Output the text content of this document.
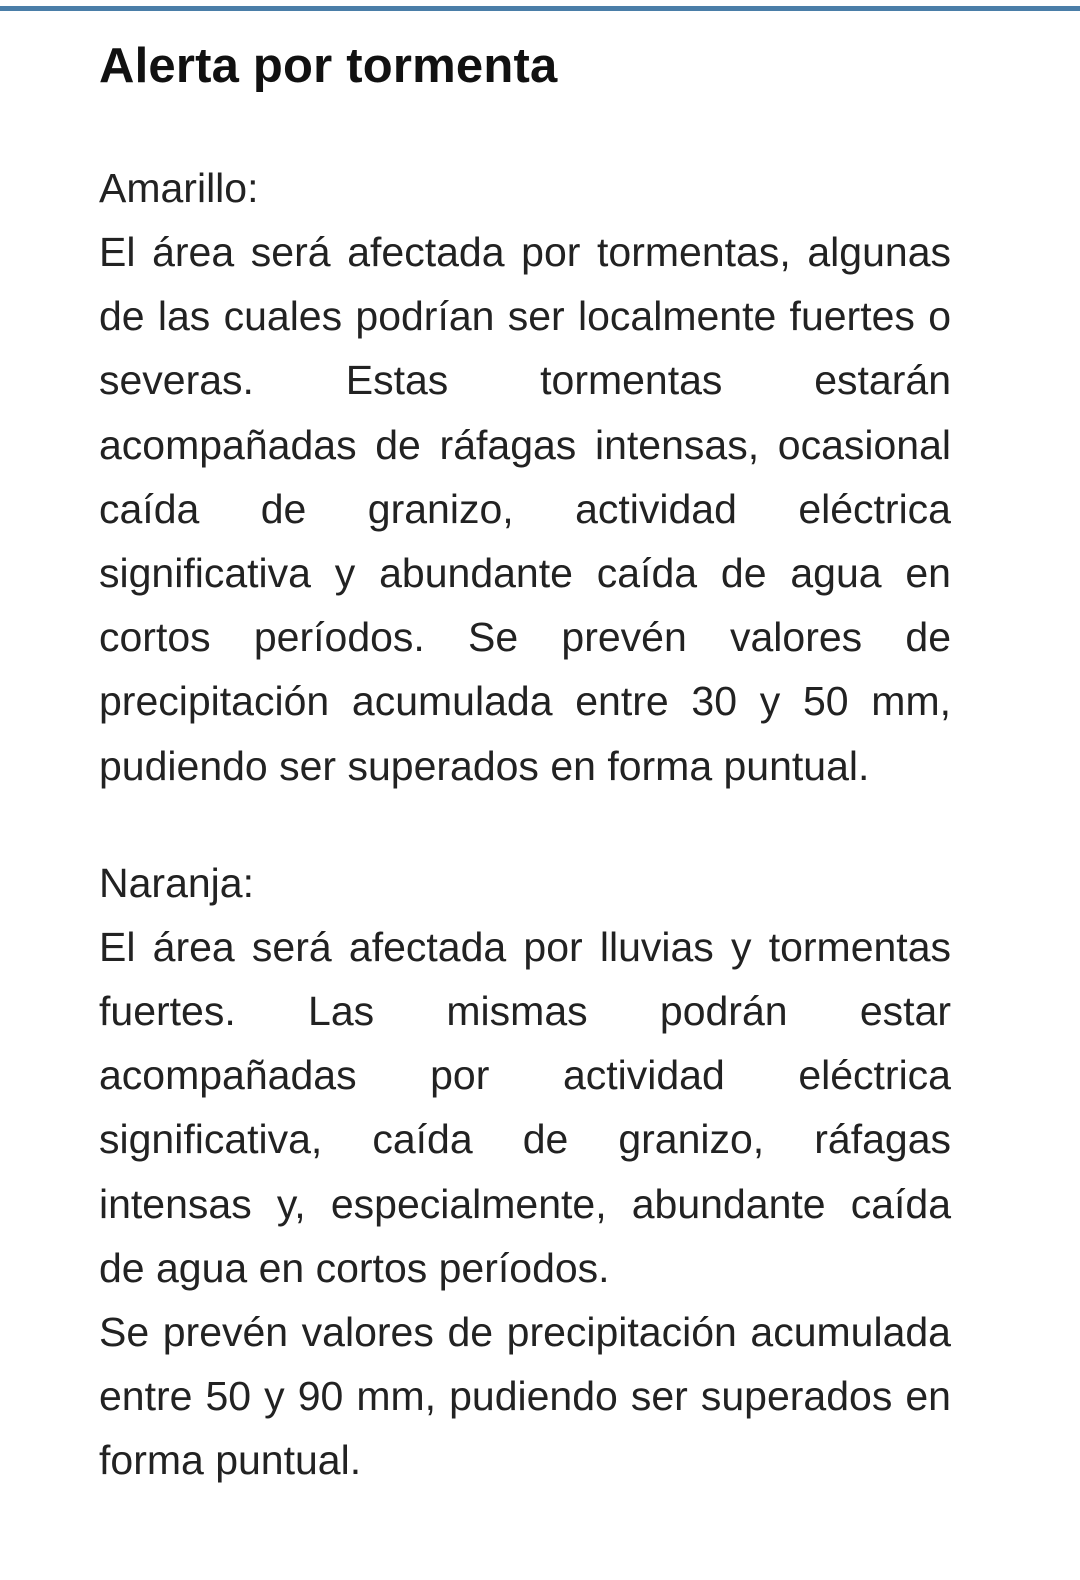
Alerta por tormenta

Amarillo:

El área será afectada por tormentas, algunas de las cuales podrían ser localmente fuertes o severas. Estas tormentas estarán acompañadas de ráfagas intensas, ocasional caída de granizo, actividad eléctrica significativa y abundante caída de agua en cortos períodos. Se prevén valores de precipitación acumulada entre 30 y 50 mm, pudiendo ser superados en forma puntual.

Naranja:

El área será afectada por lluvias y tormentas fuertes. Las mismas podrán estar acompañadas por actividad eléctrica significativa, caída de granizo, ráfagas intensas y, especialmente, abundante caída de agua en cortos períodos.

Se prevén valores de precipitación acumulada entre 50 y 90 mm, pudiendo ser superados en forma puntual.
